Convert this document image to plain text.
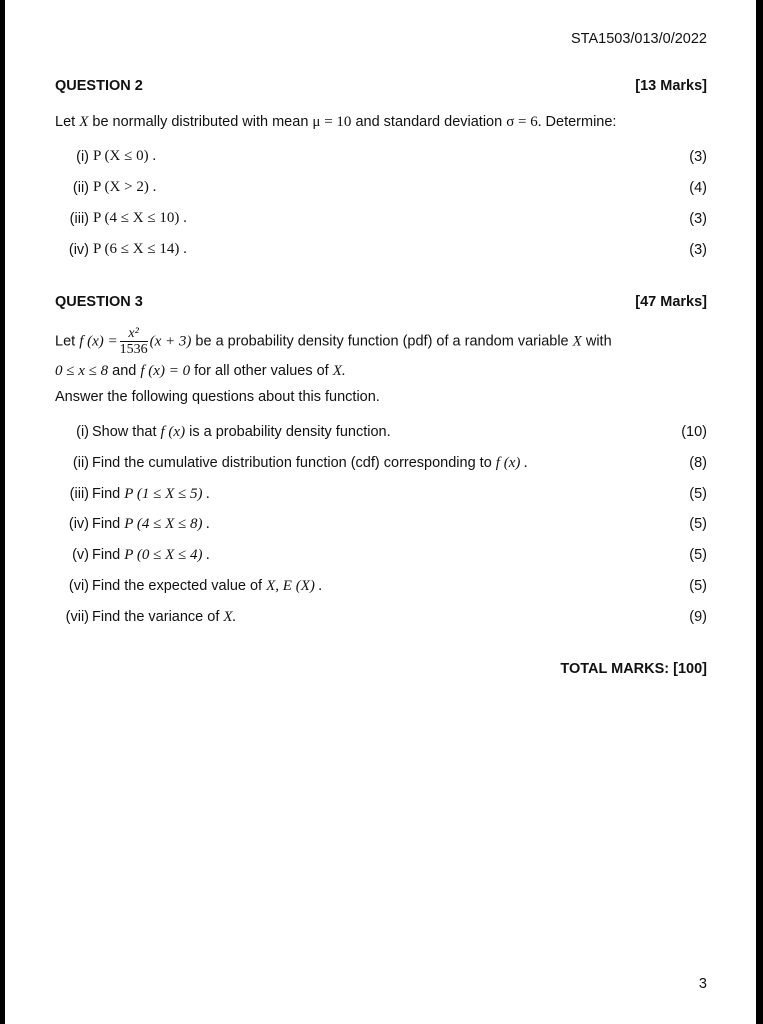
STA1503/013/0/2022
QUESTION 2	[13 Marks]
Let X be normally distributed with mean μ = 10 and standard deviation σ = 6. Determine:
(i) P (X ≤ 0) .	(3)
(ii) P (X > 2) .	(4)
(iii) P (4 ≤ X ≤ 10) .	(3)
(iv) P (6 ≤ X ≤ 14) .	(3)
QUESTION 3	[47 Marks]
Let f $(x) = \frac{\text{x²}}{1536} (x + 3)$ be a probability density function (pdf) of a random variable X with
0 ≤ x ≤ 8 and f (x) = 0 for all other values of X.
Answer the following questions about this function.
(i) Show that f (x) is a probability density function.	(10)
(ii) Find the cumulative distribution function (cdf) corresponding to f (x) .	(8)
(iii) Find P (1 ≤ X ≤ 5) .	(5)
(iv) Find P (4 ≤ X ≤ 8) .	(5)
(v) Find P (0 ≤ X ≤ 4) .	(5)
(vi) Find the expected value of X, E (X) .	(5)
(vii) Find the variance of X.	(9)
TOTAL MARKS: [100]
3
